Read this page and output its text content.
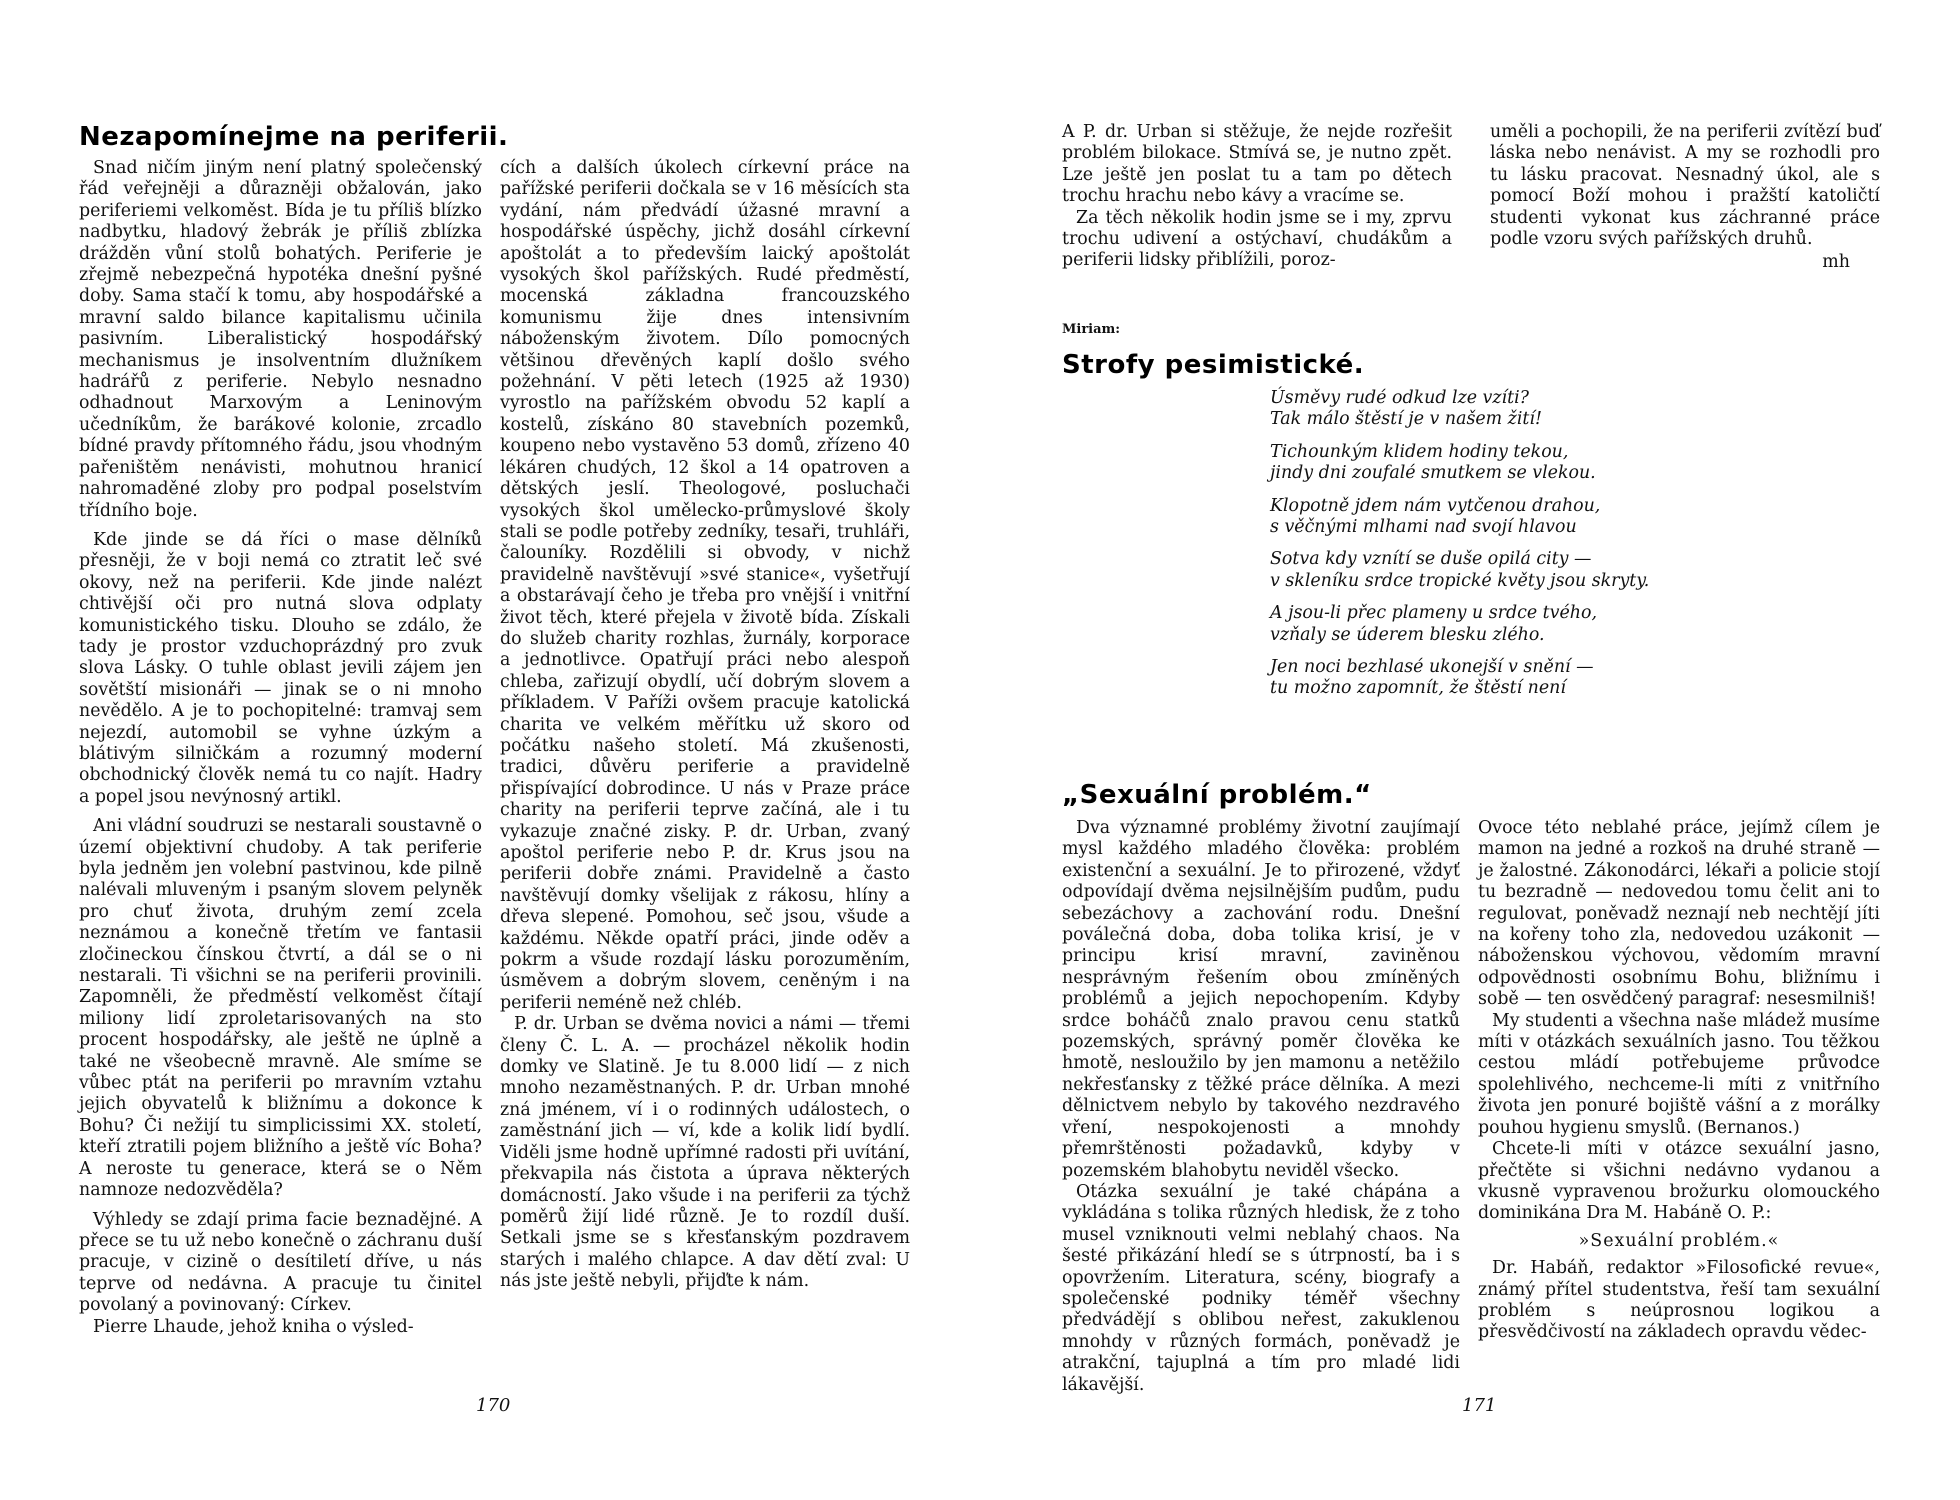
Nezapomínejme na periferii.

Snad ničím jiným není platný společenský řád veřejněji a důrazněji obžalován, jako periferiemi velkoměst. Bída je tu příliš blízko nadbytku, hladový žebrák je příliš zblízka drážděn vůní stolů bohatých. Periferie je zřejmě nebezpečná hypotéka dnešní pyšné doby. Sama stačí k tomu, aby hospodářské a mravní saldo bilance kapitalismu učinila pasivním. Liberalistický hospodářský mechanismus je insolventním dlužníkem hadrářů z periferie. Nebylo nesnadno odhadnout Marxovým a Leninovým učedníkům, že barákové kolonie, zrcadlo bídné pravdy přítomného řádu, jsou vhodným pařeništěm nenávisti, mohutnou hranicí nahromaděné zloby pro podpal poselstvím třídního boje.

Kde jinde se dá říci o mase dělníků přesněji, že v boji nemá co ztratit leč své okovy, než na periferii. Kde jinde nalézt chtivější oči pro nutná slova odplaty komunistického tisku. Dlouho se zdálo, že tady je prostor vzduchoprázdný pro zvuk slova Lásky. O tuhle oblast jevili zájem jen sovětští misionáři — jinak se o ni mnoho nevědělo. A je to pochopitelné: tramvaj sem nejezdí, automobil se vyhne úzkým a blátivým silničkám a rozumný moderní obchodnický člověk nemá tu co najít. Hadry a popel jsou nevýnosný artikl.

Ani vládní soudruzi se nestarali soustavně o území objektivní chudoby. A tak periferie byla jedněm jen volební pastvinou, kde pilně nalévali mluveným i psaným slovem pelyněk pro chuť života, druhým zemí zcela neznámou a konečně třetím ve fantasii zločineckou čínskou čtvrtí, a dál se o ni nestarali. Ti všichni se na periferii provinili. Zapomněli, že předměstí velkoměst čítají miliony lidí zproletarisovaných na sto procent hospodářsky, ale ještě ne úplně a také ne všeobecně mravně. Ale smíme se vůbec ptát na periferii po mravním vztahu jejich obyvatelů k bližnímu a dokonce k Bohu? Či nežijí tu simplicissimi XX. století, kteří ztratili pojem bližního a ještě víc Boha? A neroste tu generace, která se o Něm namnoze nedozvěděla?

Výhledy se zdají prima facie beznadějné. A přece se tu už nebo konečně o záchranu duší pracuje, v cizině o desítiletí dříve, u nás teprve od nedávna. A pracuje tu činitel povolaný a povinovaný: Církev.

Pierre Lhaude, jehož kniha o výsled-

cích a dalších úkolech církevní práce na pařížské periferii dočkala se v 16 měsících sta vydání, nám předvádí úžasné mravní a hospodářské úspěchy, jichž dosáhl církevní apoštolát a to především laický apoštolát vysokých škol pařížských. Rudé předměstí, mocenská základna francouzského komunismu žije dnes intensivním náboženským životem. Dílo pomocných většinou dřevěných kaplí došlo svého požehnání. V pěti letech (1925 až 1930) vyrostlo na pařížském obvodu 52 kaplí a kostelů, získáno 80 stavebních pozemků, koupeno nebo vystavěno 53 domů, zřízeno 40 lékáren chudých, 12 škol a 14 opatroven a dětských jeslí. Theologové, posluchači vysokých škol umělecko-průmyslové školy stali se podle potřeby zedníky, tesaři, truhláři, čalouníky. Rozdělili si obvody, v nichž pravidelně navštěvují »své stanice«, vyšetřují a obstarávají čeho je třeba pro vnější i vnitřní život těch, které přejela v životě bída. Získali do služeb charity rozhlas, žurnály, korporace a jednotlivce. Opatřují práci nebo alespoň chleba, zařizují obydlí, učí dobrým slovem a příkladem. V Paříži ovšem pracuje katolická charita ve velkém měřítku už skoro od počátku našeho století. Má zkušenosti, tradici, důvěru periferie a pravidelně přispívající dobrodince. U nás v Praze práce charity na periferii teprve začíná, ale i tu vykazuje značné zisky. P. dr. Urban, zvaný apoštol periferie nebo P. dr. Krus jsou na periferii dobře známi. Pravidelně a často navštěvují domky všelijak z rákosu, hlíny a dřeva slepené. Pomohou, seč jsou, všude a každému. Někde opatří práci, jinde oděv a pokrm a všude rozdají lásku porozuměním, úsměvem a dobrým slovem, ceněným i na periferii neméně než chléb.

P. dr. Urban se dvěma novici a námi — třemi členy Č. L. A. — procházel několik hodin domky ve Slatině. Je tu 8.000 lidí — z nich mnoho nezaměstnaných. P. dr. Urban mnohé zná jménem, ví i o rodinných událostech, o zaměstnání jich — ví, kde a kolik lidí bydlí. Viděli jsme hodně upřímné radosti při uvítání, překvapila nás čistota a úprava některých domácností. Jako všude i na periferii za týchž poměrů žijí lidé různě. Je to rozdíl duší. Setkali jsme se s křesťanským pozdravem starých i malého chlapce. A dav dětí zval: U nás jste ještě nebyli, přijďte k nám.

170

A P. dr. Urban si stěžuje, že nejde rozřešit problém bilokace. Stmívá se, je nutno zpět. Lze ještě jen poslat tu a tam po dětech trochu hrachu nebo kávy a vracíme se.

Za těch několik hodin jsme se i my, zprvu trochu udivení a ostýchaví, chudákům a periferii lidsky přiblížili, poroz-

uměli a pochopili, že na periferii zvítězí buď láska nebo nenávist. A my se rozhodli pro tu lásku pracovat. Nesnadný úkol, ale s pomocí Boží mohou i pražští katoličtí studenti vykonat kus záchranné práce podle vzoru svých pařížských druhů.

mh

Miriam:
Strofy pesimistické.
Úsměvy rudé odkud lze vzíti?
Tak málo štěstí je v našem žití!
Tichounkým klidem hodiny tekou,
jindy dni zoufalé smutkem se vlekou.
Klopotně jdem nám vytčenou drahou,
s věčnými mlhami nad svojí hlavou
Sotva kdy vznítí se duše opilá city —
v skleníku srdce tropické květy jsou skryty.
A jsou-li přec plameny u srdce tvého,
vzňaly se úderem blesku zlého.
Jen noci bezhlasé ukonejší v snění —
tu možno zapomnít, že štěstí není
„Sexuální problém.“

Dva významné problémy životní zaujímají mysl každého mladého člověka: problém existenční a sexuální. Je to přirozené, vždyť odpovídají dvěma nejsilnějším pudům, pudu sebezáchovy a zachování rodu. Dnešní poválečná doba, doba tolika krisí, je v principu krisí mravní, zaviněnou nesprávným řešením obou zmíněných problémů a jejich nepochopením. Kdyby srdce boháčů znalo pravou cenu statků pozemských, správný poměr člověka ke hmotě, nesloužilo by jen mamonu a netěžilo nekřesťansky z těžké práce dělníka. A mezi dělnictvem nebylo by takového nezdravého vření, nespokojenosti a mnohdy přemrštěnosti požadavků, kdyby v pozemském blahobytu neviděl všecko.

Otázka sexuální je také chápána a vykládána s tolika různých hledisk, že z toho musel vzniknouti velmi neblahý chaos. Na šesté přikázání hledí se s útrpností, ba i s opovržením. Literatura, scény, biografy a společenské podniky téměř všechny předvádějí s oblibou neřest, zakuklenou mnohdy v různých formách, poněvadž je atrakční, tajuplná a tím pro mladé lidi lákavější.

Ovoce této neblahé práce, jejímž cílem je mamon na jedné a rozkoš na druhé straně — je žalostné. Zákonodárci, lékaři a policie stojí tu bezradně — nedovedou tomu čelit ani to regulovat, poněvadž neznají neb nechtějí jíti na kořeny toho zla, nedovedou uzákonit — náboženskou výchovou, vědomím mravní odpovědnosti osobnímu Bohu, bližnímu i sobě — ten osvědčený paragraf: nesesmilniš!

My studenti a všechna naše mládež musíme míti v otázkách sexuálních jasno. Tou těžkou cestou mládí potřebujeme průvodce spolehlivého, nechceme-li míti z vnitřního života jen ponuré bojiště vášní a z morálky pouhou hygienu smyslů. (Bernanos.)

Chcete-li míti v otázce sexuální jasno, přečtěte si všichni nedávno vydanou a vkusně vypravenou brožurku olomouckého dominikána Dra M. Habáně O. P.:

»Sexuální problém.«

Dr. Habáň, redaktor »Filosofické revue«, známý přítel studentstva, řeší tam sexuální problém s neúprosnou logikou a přesvědčivostí na základech opravdu vědec-

171
